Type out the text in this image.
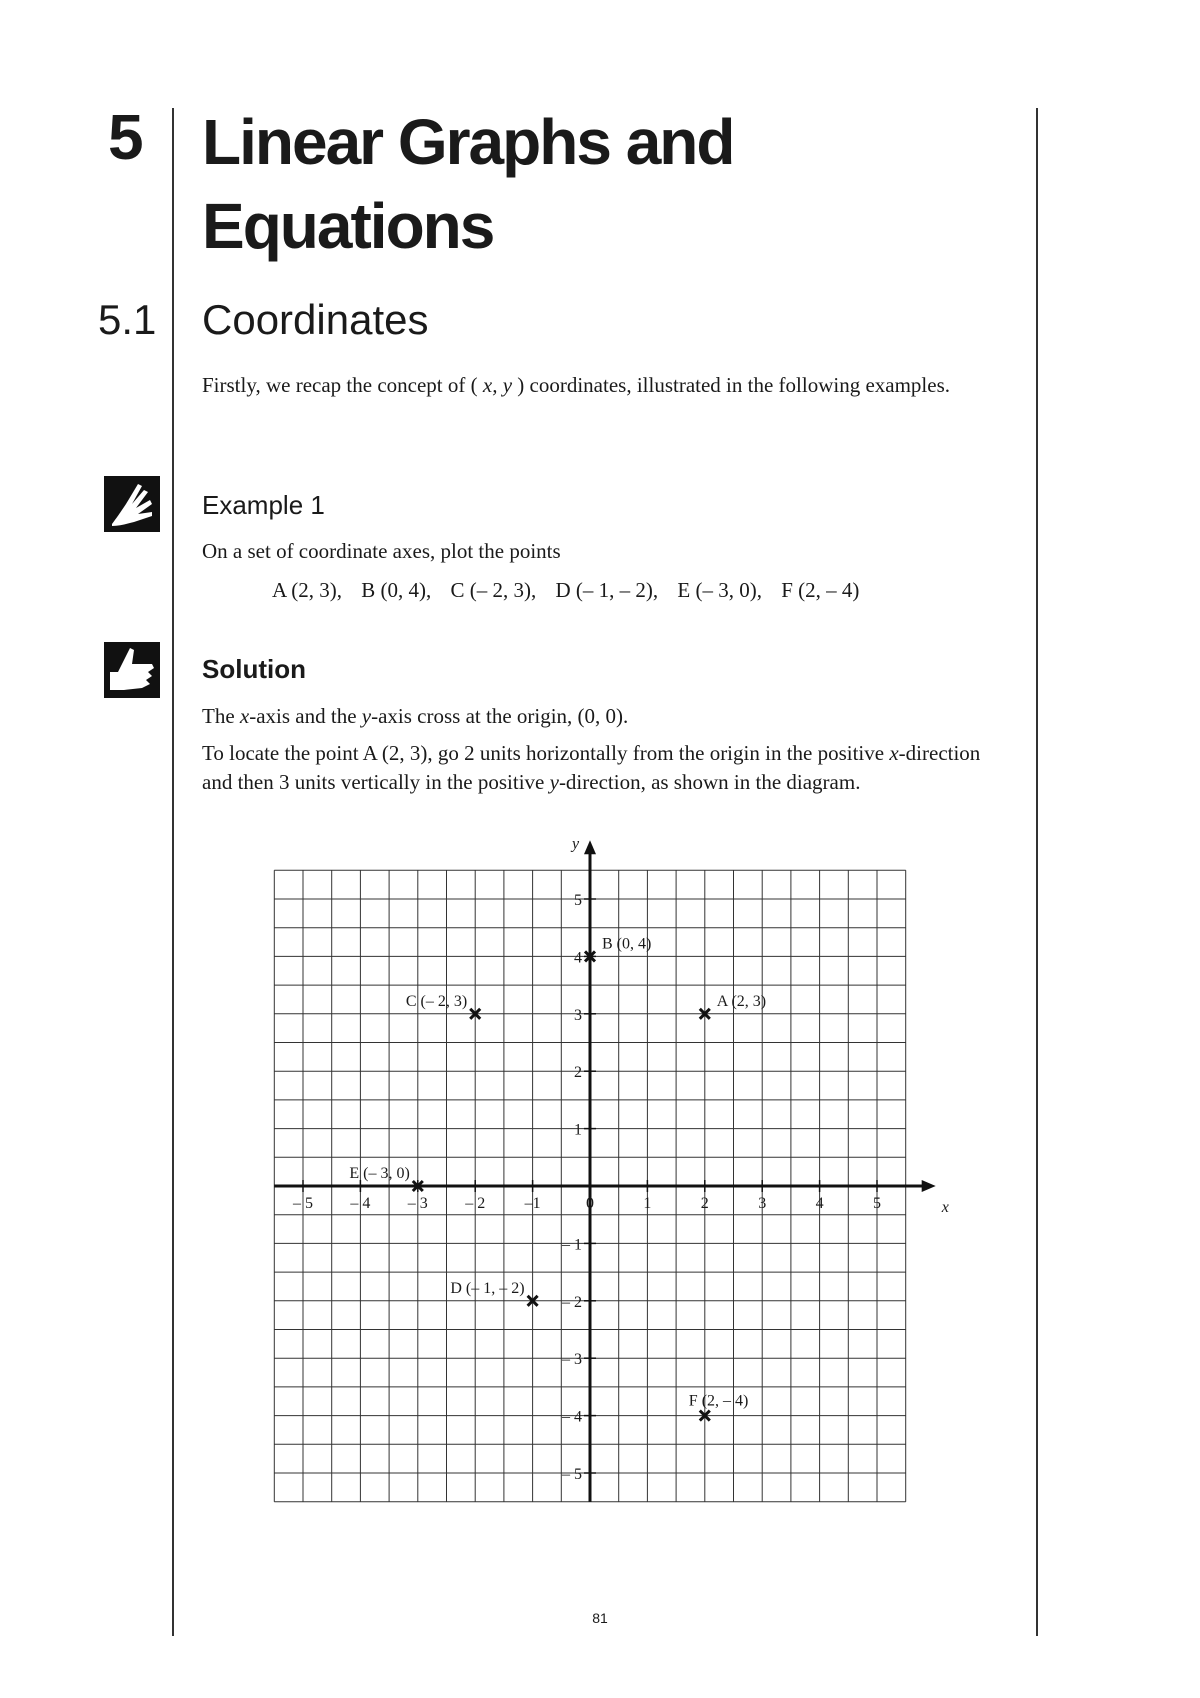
5 Linear Graphs and Equations
5.1 Coordinates
Firstly, we recap the concept of ( x, y ) coordinates, illustrated in the following examples.
Example 1
On a set of coordinate axes, plot the points
A (2, 3), B (0, 4), C (– 2, 3), D (– 1, – 2), E (– 3, 0), F (2, – 4)
Solution
The x-axis and the y-axis cross at the origin, (0, 0).
To locate the point A (2, 3), go 2 units horizontally from the origin in the positive x-direction and then 3 units vertically in the positive y-direction, as shown in the diagram.
x
y
– 5 – 4 – 3 – 2 –1	0	1	2	3	4	5
5
4
3
2
1
– 1
– 2
– 3
– 4
– 5
A (2, 3)
B (0, 4)
C (– 2, 3)
D (– 1, – 2)
E (– 3, 0)
F (2, – 4)
81
